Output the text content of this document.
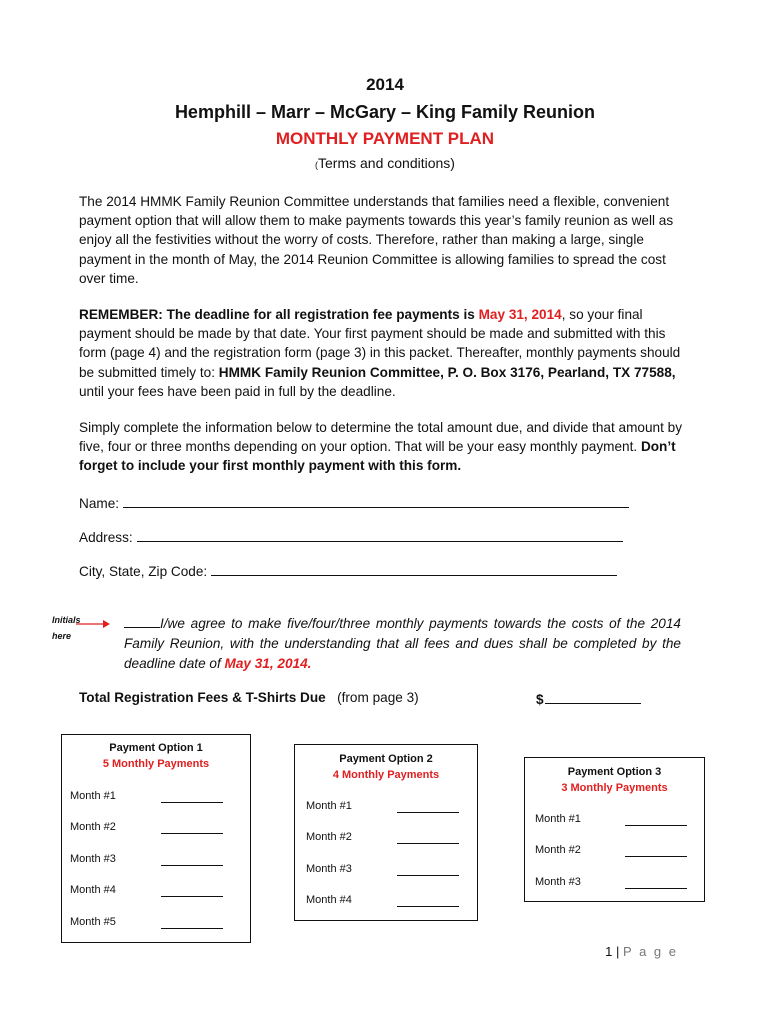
2014
Hemphill – Marr – McGary – King Family Reunion
MONTHLY PAYMENT PLAN
(Terms and conditions)
The 2014 HMMK Family Reunion Committee understands that families need a flexible, convenient payment option that will allow them to make payments towards this year’s family reunion as well as enjoy all the festivities without the worry of costs. Therefore, rather than making a large, single payment in the month of May, the 2014 Reunion Committee is allowing families to spread the cost over time.
REMEMBER: The deadline for all registration fee payments is May 31, 2014, so your final payment should be made by that date. Your first payment should be made and submitted with this form (page 4) and the registration form (page 3) in this packet. Thereafter, monthly payments should be submitted timely to: HMMK Family Reunion Committee, P. O. Box 3176, Pearland, TX 77588, until your fees have been paid in full by the deadline.
Simply complete the information below to determine the total amount due, and divide that amount by five, four or three months depending on your option. That will be your easy monthly payment. Don’t forget to include your first monthly payment with this form.
Name:
Address:
City, State, Zip Code:
Initials
here
I/we agree to make five/four/three monthly payments towards the costs of the 2014 Family Reunion, with the understanding that all fees and dues shall be completed by the deadline date of May 31, 2014.
Total Registration Fees & T-Shirts Due (from page 3)	$
Payment Option 1
5 Monthly Payments
Month #1
Month #2
Month #3
Month #4
Month #5
Payment Option 2
4 Monthly Payments
Month #1
Month #2
Month #3
Month #4
Payment Option 3
3 Monthly Payments
Month #1
Month #2
Month #3
1 | P a g e
